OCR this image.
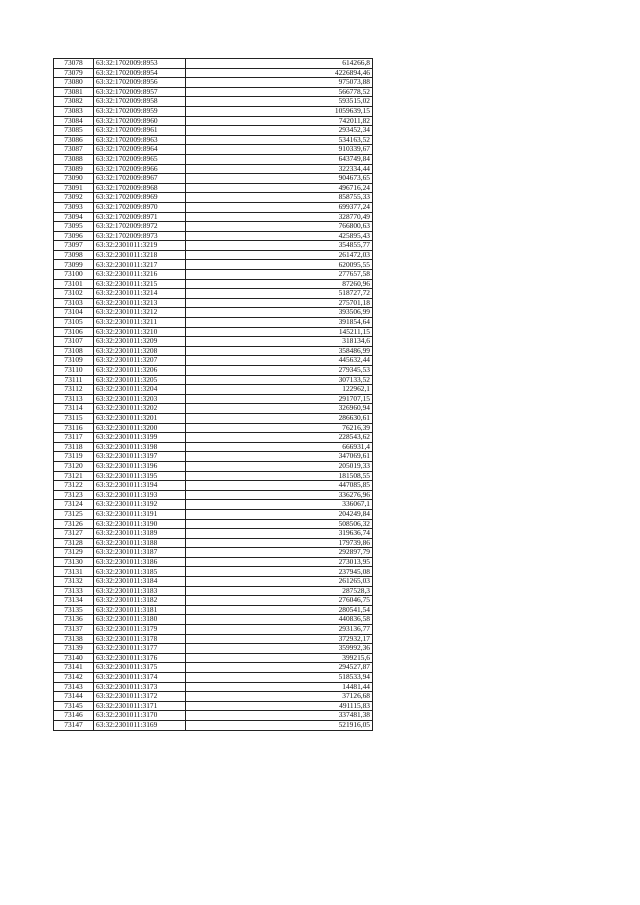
73078	63:32:1702009:8953	614266,8
73079	63:32:1702009:8954	4226894,46
73080	63:32:1702009:8956	975073,88
73081	63:32:1702009:8957	566778,52
73082	63:32:1702009:8958	593515,02
73083	63:32:1702009:8959	1059639,15
73084	63:32:1702009:8960	742011,82
73085	63:32:1702009:8961	293452,34
73086	63:32:1702009:8963	534163,52
73087	63:32:1702009:8964	910339,67
73088	63:32:1702009:8965	643749,84
73089	63:32:1702009:8966	322334,44
73090	63:32:1702009:8967	904673,65
73091	63:32:1702009:8968	496716,24
73092	63:32:1702009:8969	858755,33
73093	63:32:1702009:8970	699377,24
73094	63:32:1702009:8971	328770,49
73095	63:32:1702009:8972	766800,63
73096	63:32:1702009:8973	425895,43
73097	63:32:2301011:3219	354855,77
73098	63:32:2301011:3218	261472,03
73099	63:32:2301011:3217	620095,55
73100	63:32:2301011:3216	277657,58
73101	63:32:2301011:3215	87260,96
73102	63:32:2301011:3214	518727,72
73103	63:32:2301011:3213	275701,18
73104	63:32:2301011:3212	393506,99
73105	63:32:2301011:3211	391854,64
73106	63:32:2301011:3210	145211,15
73107	63:32:2301011:3209	318134,6
73108	63:32:2301011:3208	358486,99
73109	63:32:2301011:3207	445632,44
73110	63:32:2301011:3206	279345,53
73111	63:32:2301011:3205	307133,52
73112	63:32:2301011:3204	122962,1
73113	63:32:2301011:3203	291707,15
73114	63:32:2301011:3202	326960,94
73115	63:32:2301011:3201	286630,61
73116	63:32:2301011:3200	76216,39
73117	63:32:2301011:3199	228543,62
73118	63:32:2301011:3198	666931,4
73119	63:32:2301011:3197	347069,61
73120	63:32:2301011:3196	205019,33
73121	63:32:2301011:3195	181508,55
73122	63:32:2301011:3194	447085,85
73123	63:32:2301011:3193	336276,96
73124	63:32:2301011:3192	336067,1
73125	63:32:2301011:3191	204249,84
73126	63:32:2301011:3190	508506,32
73127	63:32:2301011:3189	319636,74
73128	63:32:2301011:3188	179739,86
73129	63:32:2301011:3187	292897,79
73130	63:32:2301011:3186	273013,95
73131	63:32:2301011:3185	237945,08
73132	63:32:2301011:3184	261265,03
73133	63:32:2301011:3183	287528,3
73134	63:32:2301011:3182	276046,75
73135	63:32:2301011:3181	280541,54
73136	63:32:2301011:3180	440836,58
73137	63:32:2301011:3179	293136,77
73138	63:32:2301011:3178	372932,17
73139	63:32:2301011:3177	359992,36
73140	63:32:2301011:3176	399215,6
73141	63:32:2301011:3175	294527,87
73142	63:32:2301011:3174	518533,94
73143	63:32:2301011:3173	14481,44
73144	63:32:2301011:3172	37126,68
73145	63:32:2301011:3171	491115,83
73146	63:32:2301011:3170	337481,38
73147	63:32:2301011:3169	521916,05
